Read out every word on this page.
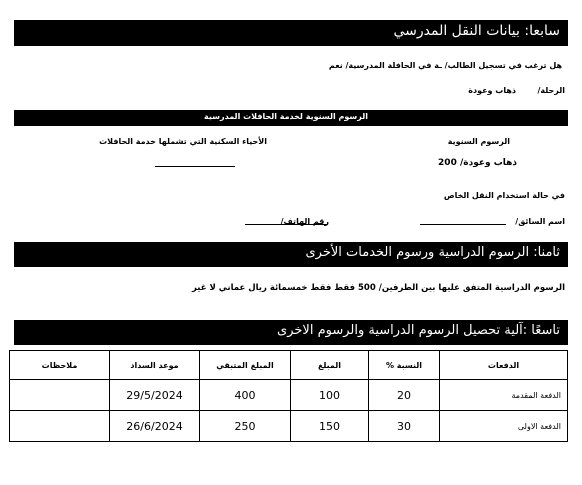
سابعا: بيانات النقل المدرسي
هل ترغب في تسجيل الطالب/ ـة في الحافلة المدرسية/ نعم
الرحلة/
ذهاب وعودة
الرسوم السنوية لخدمة الحافلات المدرسية
الرسوم السنوية
الأحياء السكنية التي تشملها خدمة الحافلات
ذهاب وعودة/ 200
في حالة استخدام النقل الخاص
اسم السائق/
رقم الهاتف/
ثامنا: الرسوم الدراسية ورسوم الخدمات الأخرى
الرسوم الدراسية المتفق عليها بين الطرفين/ 500 فقط فقط خمسمائة ريال عماني لا غير
تاسعًا :آلية تحصيل الرسوم الدراسية والرسوم الاخرى
الدفعات	النسبة %	المبلغ	المبلغ المتبقي	موعد السداد	ملاحظات
الدفعة المقدمة	20	100	400	29/5/2024	
الدفعة الاولى	30	150	250	26/6/2024	
